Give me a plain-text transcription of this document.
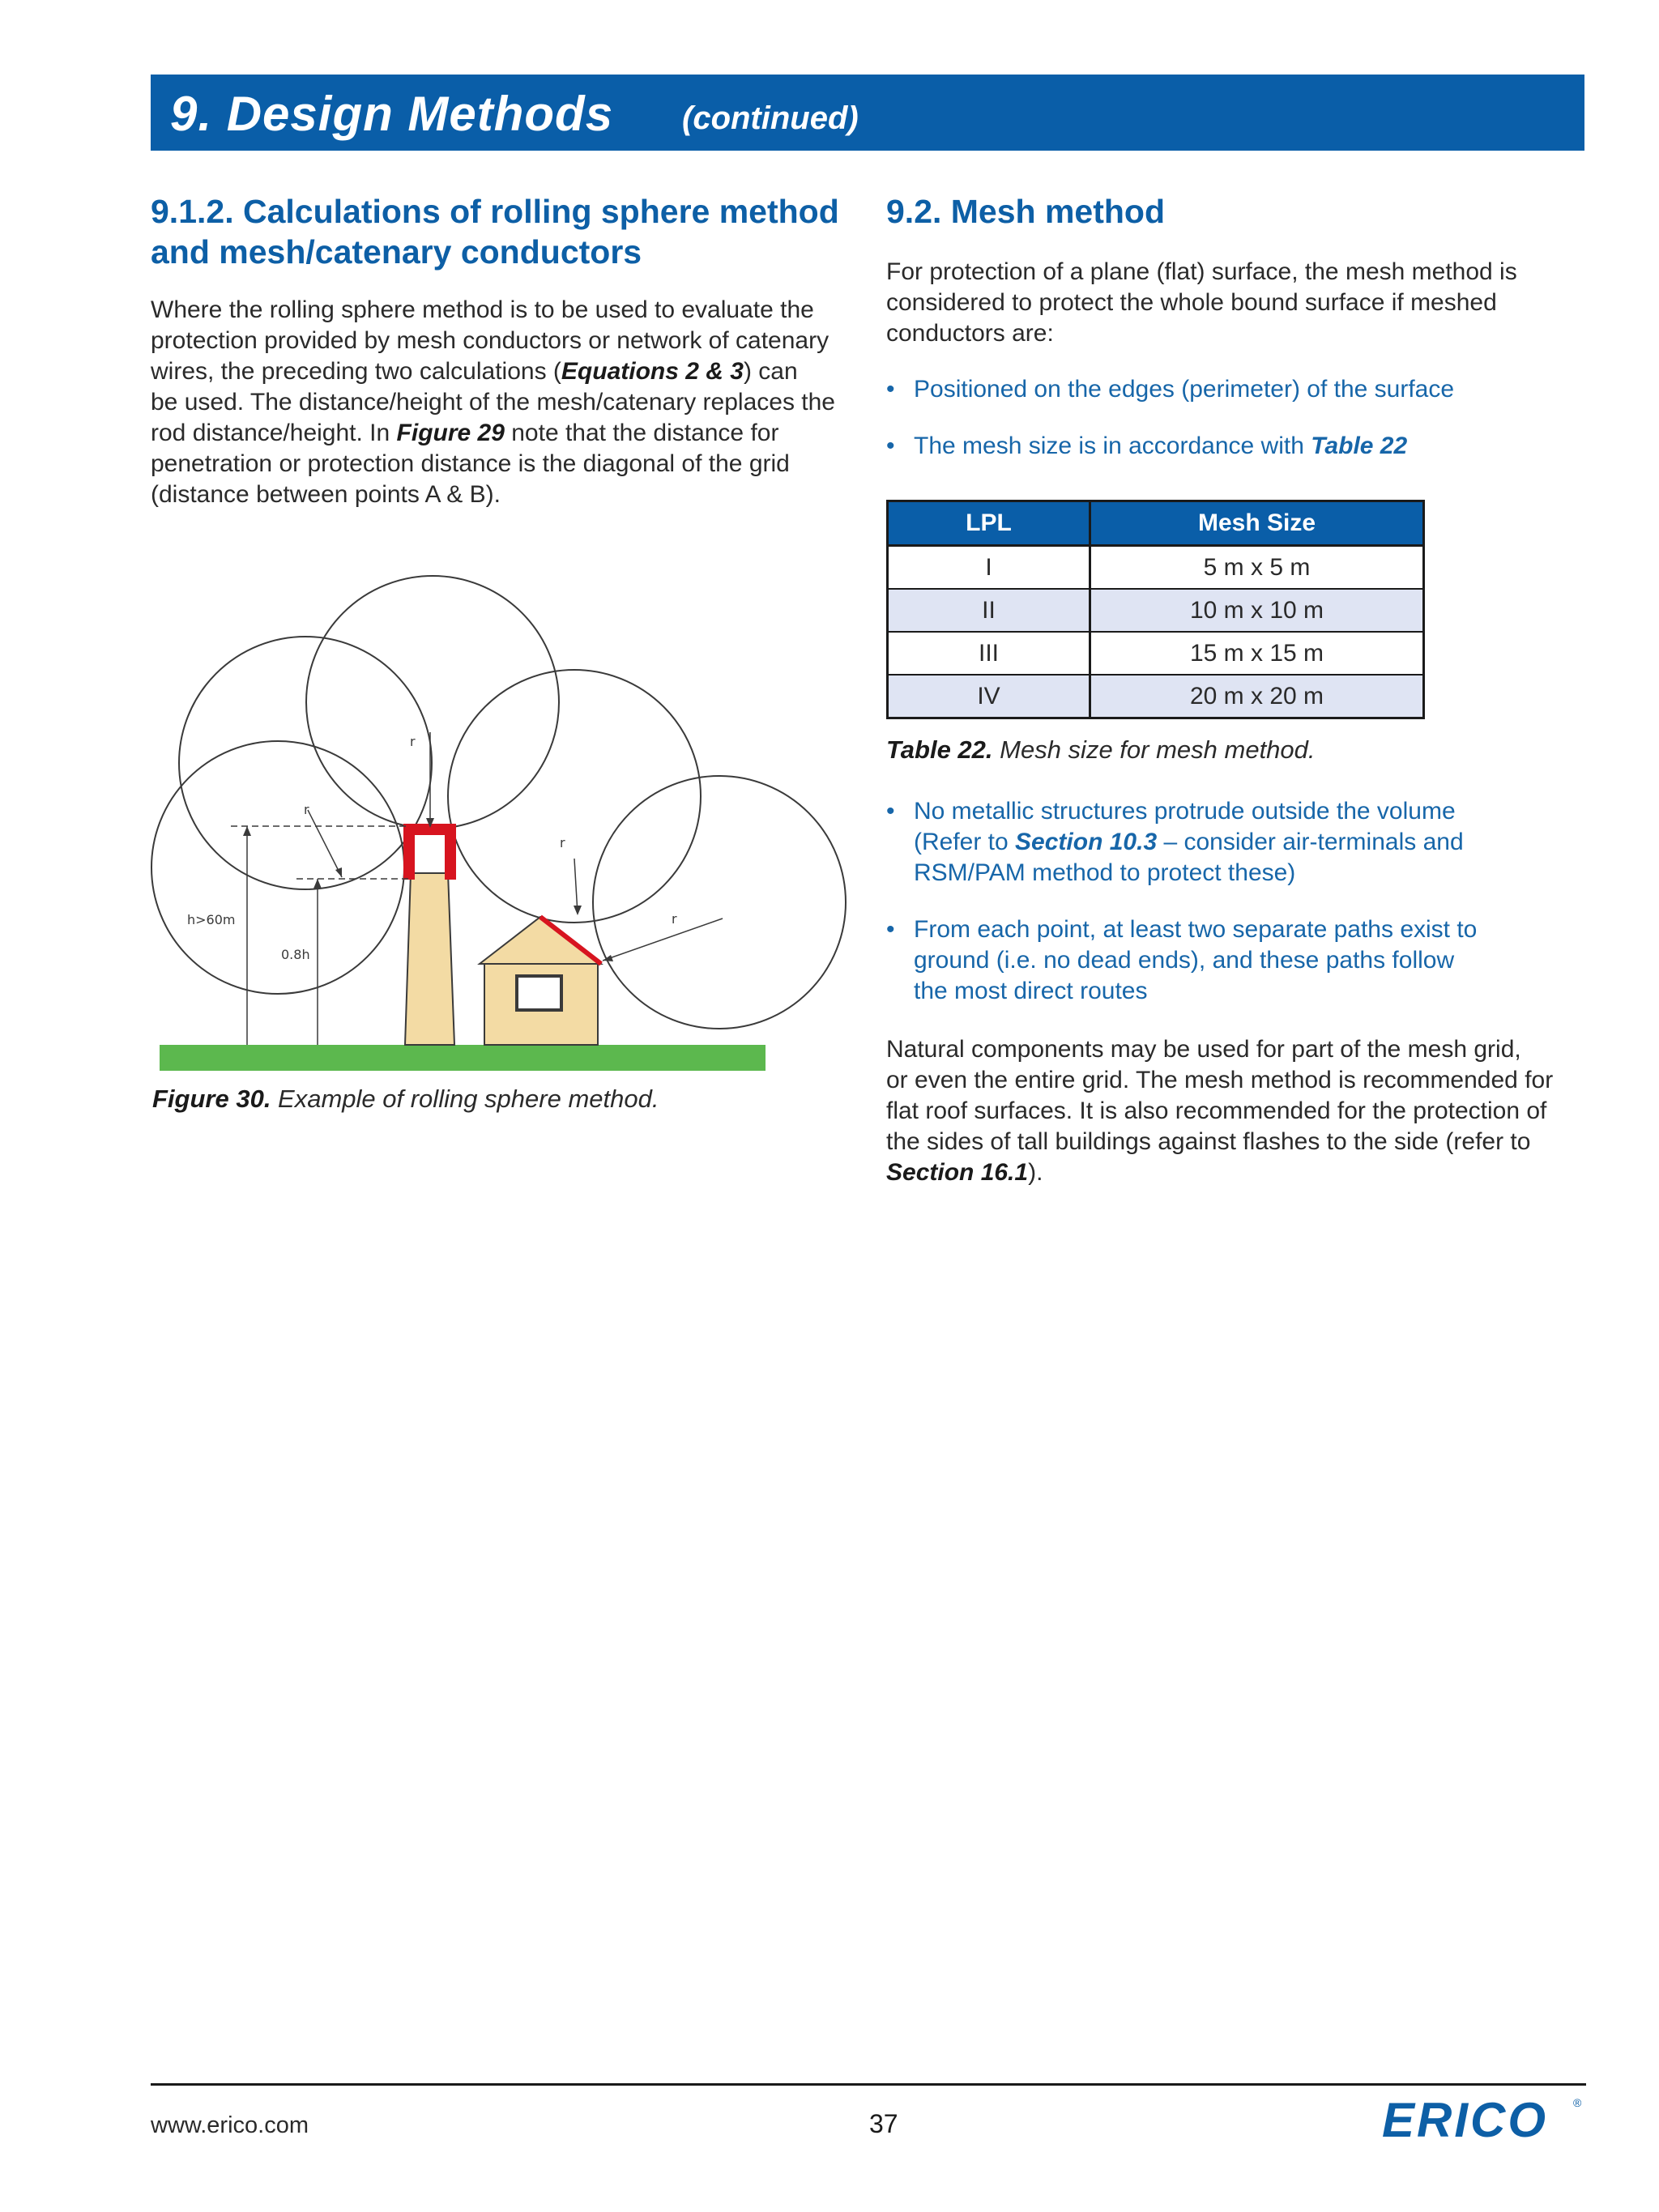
9. Design Methods (continued)
9.1.2. Calculations of rolling sphere method
and mesh/catenary conductors
Where the rolling sphere method is to be used to evaluate the
protection provided by mesh conductors or network of catenary
wires, the preceding two calculations (Equations 2 & 3) can
be used. The distance/height of the mesh/catenary replaces the
rod distance/height. In Figure 29 note that the distance for
penetration or protection distance is the diagonal of the grid
(distance between points A & B).
r
r
r
r
h>60m
0.8h
Figure 30. Example of rolling sphere method.
9.2. Mesh method
For protection of a plane (flat) surface, the mesh method is
considered to protect the whole bound surface if meshed
conductors are:
• Positioned on the edges (perimeter) of the surface
• The mesh size is in accordance with Table 22
LPL	Mesh Size
I	5 m x 5 m
II	10 m x 10 m
III	15 m x 15 m
IV	20 m x 20 m
Table 22. Mesh size for mesh method.
• No metallic structures protrude outside the volume
(Refer to Section 10.3 – consider air-terminals and
RSM/PAM method to protect these)
• From each point, at least two separate paths exist to
ground (i.e. no dead ends), and these paths follow
the most direct routes
Natural components may be used for part of the mesh grid,
or even the entire grid. The mesh method is recommended for
flat roof surfaces. It is also recommended for the protection of
the sides of tall buildings against flashes to the side (refer to
Section 16.1).
www.erico.com	37	ERICO ®
